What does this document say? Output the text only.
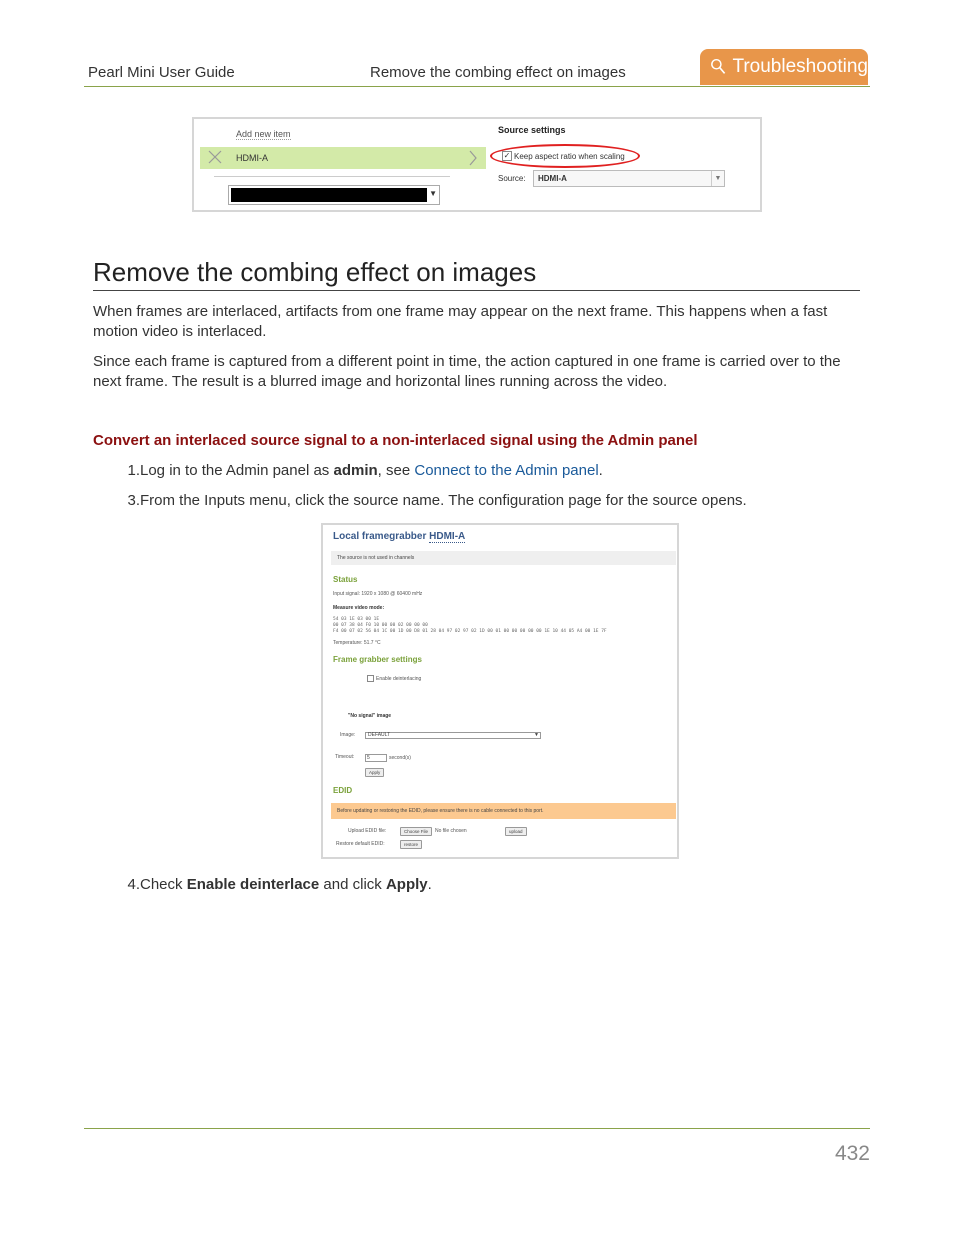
Pearl Mini User Guide	Remove the combing effect on images	Troubleshooting
Add new item
HDMI-A
▼
Source settings
✓ Keep aspect ratio when scaling
Source:	HDMI-A	▼
Remove the combing effect on images
When frames are interlaced, artifacts from one frame may appear on the next frame. This happens when a fast motion video is interlaced.
Since each frame is captured from a different point in time, the action captured in one frame is carried over to the next frame. The result is a blurred image and horizontal lines running across the video.
Convert an interlaced source signal to a non-interlaced signal using the Admin panel
1. Log in to the Admin panel as admin, see Connect to the Admin panel.
3. From the Inputs menu, click the source name. The configuration page for the source opens.
Local framegrabber HDMI-A
The source is not used in channels
Status
Input signal: 1920 x 1080 @ 60400 mHz
Measure video mode:
54 03 1E 03 00 1E
00 07 38 04 F0 10 00 00 02 00 00 00
F4 00 07 02 56 04 1C 00 1D 00 D8 01 28 04 97 02 97 02 1D 00 01 00 00 00 00 00 1E 10 44 05 A4 00 1E 7F
Temperature: 51.7 °C
Frame grabber settings
Enable deinterlacing
"No signal" image
Image:	DEFAULT	▼
Timeout:	5	second(s)
Apply
EDID
Before updating or restoring the EDID, please ensure there is no cable connected to this port.
Upload EDID file:	Choose File	No file chosen	upload
Restore default EDID:	restore
4. Check Enable deinterlace and click Apply.
432
